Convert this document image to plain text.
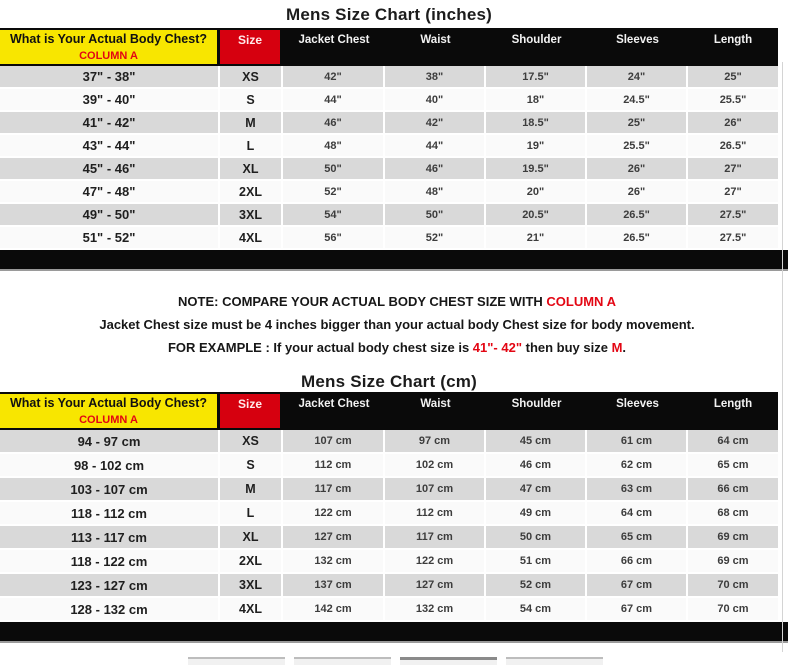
Mens Size Chart (inches)
What is Your Actual Body Chest?
COLUMN A
Size	Jacket Chest	Waist	Shoulder	Sleeves	Length
37" - 38"	XS	42"	38"	17.5"	24"	25"
39" - 40"	S	44"	40"	18"	24.5"	25.5"
41" - 42"	M	46"	42"	18.5"	25"	26"
43" - 44"	L	48"	44"	19"	25.5"	26.5"
45" - 46"	XL	50"	46"	19.5"	26"	27"
47" - 48"	2XL	52"	48"	20"	26"	27"
49" - 50"	3XL	54"	50"	20.5"	26.5"	27.5"
51" - 52"	4XL	56"	52"	21"	26.5"	27.5"
NOTE: COMPARE YOUR ACTUAL BODY CHEST SIZE WITH COLUMN A
Jacket Chest size must be 4 inches bigger than your actual body Chest size for body movement.
FOR EXAMPLE : If your actual body chest size is 41"- 42" then buy size M.
Mens Size Chart (cm)
What is Your Actual Body Chest?
COLUMN A
Size	Jacket Chest	Waist	Shoulder	Sleeves	Length
94 - 97 cm	XS	107 cm	97 cm	45 cm	61 cm	64 cm
98 - 102 cm	S	112 cm	102 cm	46 cm	62 cm	65 cm
103 - 107 cm	M	117 cm	107 cm	47 cm	63 cm	66 cm
118 - 112 cm	L	122 cm	112 cm	49 cm	64 cm	68 cm
113 - 117 cm	XL	127 cm	117 cm	50 cm	65 cm	69 cm
118 - 122 cm	2XL	132 cm	122 cm	51 cm	66 cm	69 cm
123 - 127 cm	3XL	137 cm	127 cm	52 cm	67 cm	70 cm
128 - 132 cm	4XL	142 cm	132 cm	54 cm	67 cm	70 cm
